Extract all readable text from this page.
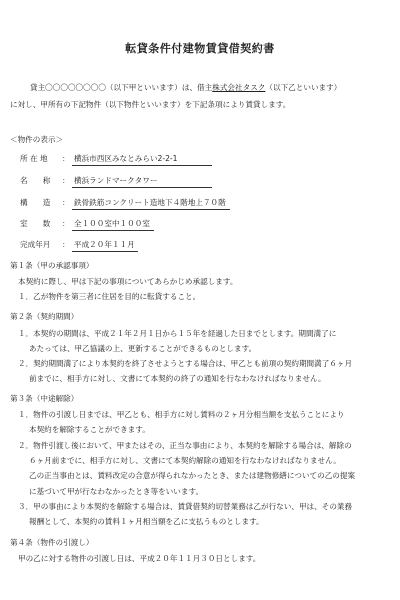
転貸条件付建物賃貸借契約書

貸主〇〇〇〇〇〇〇〇（以下甲といいます）は、借主株式会社タスク（以下乙といいます）

に対し、甲所有の下記物件（以下物件といいます）を下記条項により賃貸します。

＜物件の表示＞
所 在 地 ： 横浜市西区みなとみらい2-2-1
名　　称 ： 横浜ランドマークタワー
構　　造 ： 鉄骨鉄筋コンクリート造地下４階地上７０階
室　　数 ： 全１００室中１００室
完成年月 ： 平成２０年１１月
第１条（甲の承認事項）
本契約に際し、甲は下記の事項についてあらかじめ承認します。
１．乙が物件を第三者に住居を目的に転貸すること。
第２条（契約期間）
１．本契約の期間は、平成２１年２月１日から１５年を経過した日までとします。期間満了に
あたっては、甲乙協議の上、更新することができるものとします。
２．契約期間満了により本契約を終了させようとする場合は、甲乙とも前項の契約期間満了６ヶ月
前までに、相手方に対し、文書にて本契約の終了の通知を行なわなければなりません。
第３条（中途解除）
１．物件の引渡し日までは、甲乙とも、相手方に対し賃料の２ヶ月分相当額を支払うことにより
本契約を解除することができます。
２．物件引渡し後において、甲またはその、正当な事由により、本契約を解除する場合は、解除の
６ヶ月前までに、相手方に対し、文書にて本契約解除の通知を行なわなければなりません。
乙の正当事由とは、賃料改定の合意が得られなかったとき、または建物修繕についての乙の提案
に基づいて甲が行なわなかったとき等をいいます。
３．甲の事由により本契約を解除する場合は、賃貸借契約切替業務は乙が行ない、甲は、その業務
報酬として、本契約の賃料１ヶ月相当額を乙に支払うものとします。
第４条（物件の引渡し）
甲の乙に対する物件の引渡し日は、平成２０年１１月３０日とします。
